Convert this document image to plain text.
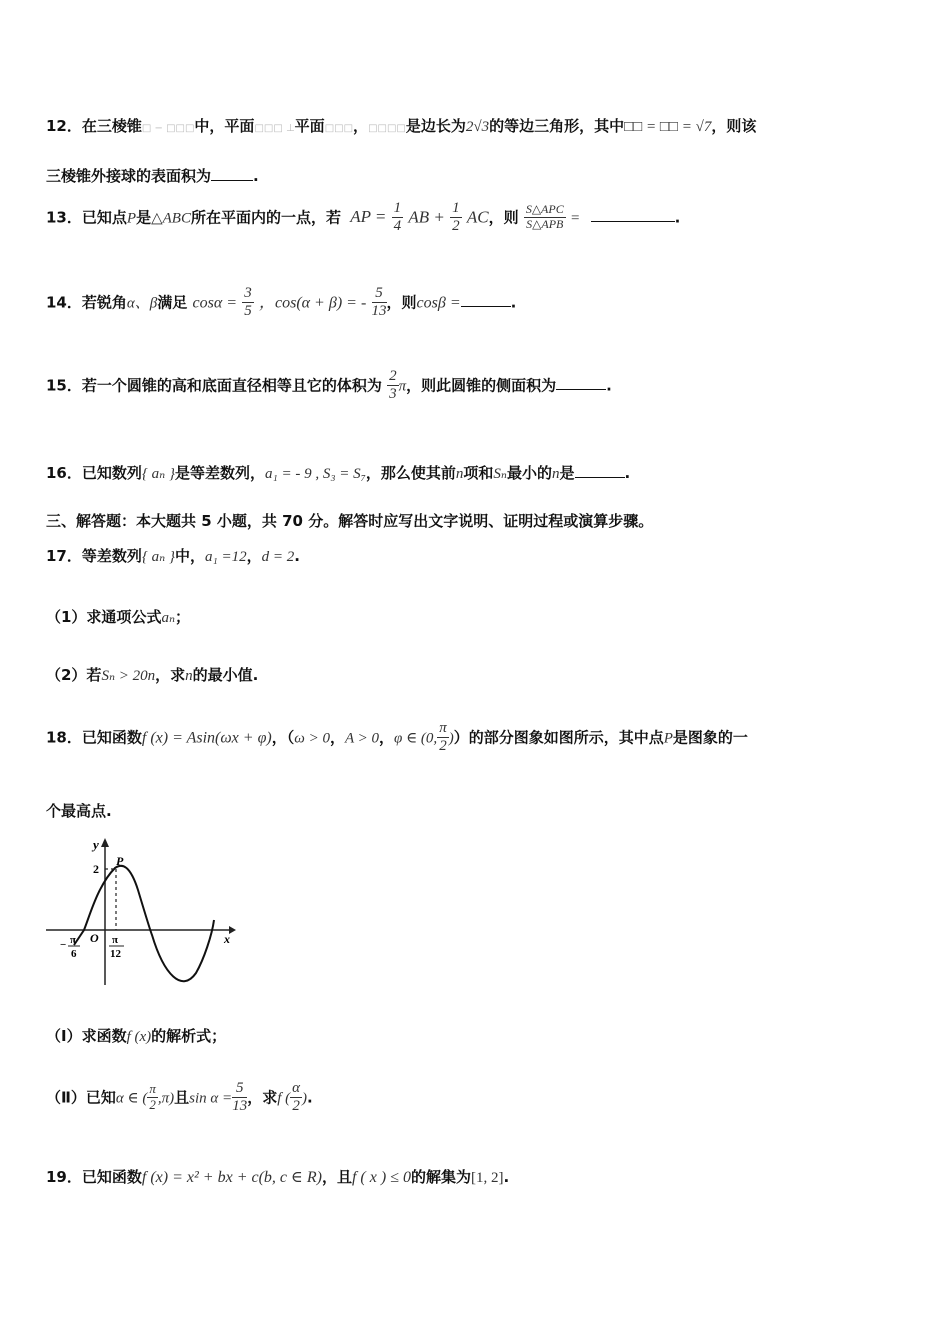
12．在三棱锥□ − □□□中，平面□□□ ⊥平面□□□，□□□□是边长为2√3的等边三角形，其中□□ = □□ = √7，则该
三棱锥外接球的表面积为	.
13．已知点P是△ABC所在平面内的一点，若 AP = $\frac{1}{4}$ AB + $\frac{1}{2}$ AC，则 $\frac{\text{S△APC}}{\text{S△APB}}$ =	.
14．若锐角α、β满足 $\cos\alpha = \frac{3}{5}$ ，cos(α + β) = - $\frac{5}{13}$ ，则cosβ =	.
15．若一个圆锥的高和底面直径相等且它的体积为 $\frac{2}{3}$ π，则此圆锥的侧面积为	.
16．已知数列{ aₙ }是等差数列，a₁ = - 9 , S₃ = S₇，那么使其前n项和Sₙ最小的n是	.
三、解答题：本大题共 5 小题，共 70 分。解答时应写出文字说明、证明过程或演算步骤。
17．等差数列{ aₙ }中，a₁ =12，d = 2.
（1）求通项公式aₙ；
（2）若Sₙ > 20n，求n的最小值.
18．已知函数f (x) = Asin(ωx + φ)，（ω > 0，A > 0，φ ∈ (0, $\frac{\pi}{2}$ )）的部分图象如图所示，其中点P是图象的一
个最高点.
y
x
O
P
2
− π
6
π
12
（Ⅰ）求函数f (x)的解析式；
（Ⅱ）已知α ∈ ( $\frac{\pi}{2} ,\pi$)且$\sin \alpha = \frac{5}{13}$ ，求f ( $\frac{\alpha}{2}$ ).
19．已知函数f (x) = x² + bx + c(b, c ∈ R)，且f ( x ) ≤ 0的解集为[1, 2].
